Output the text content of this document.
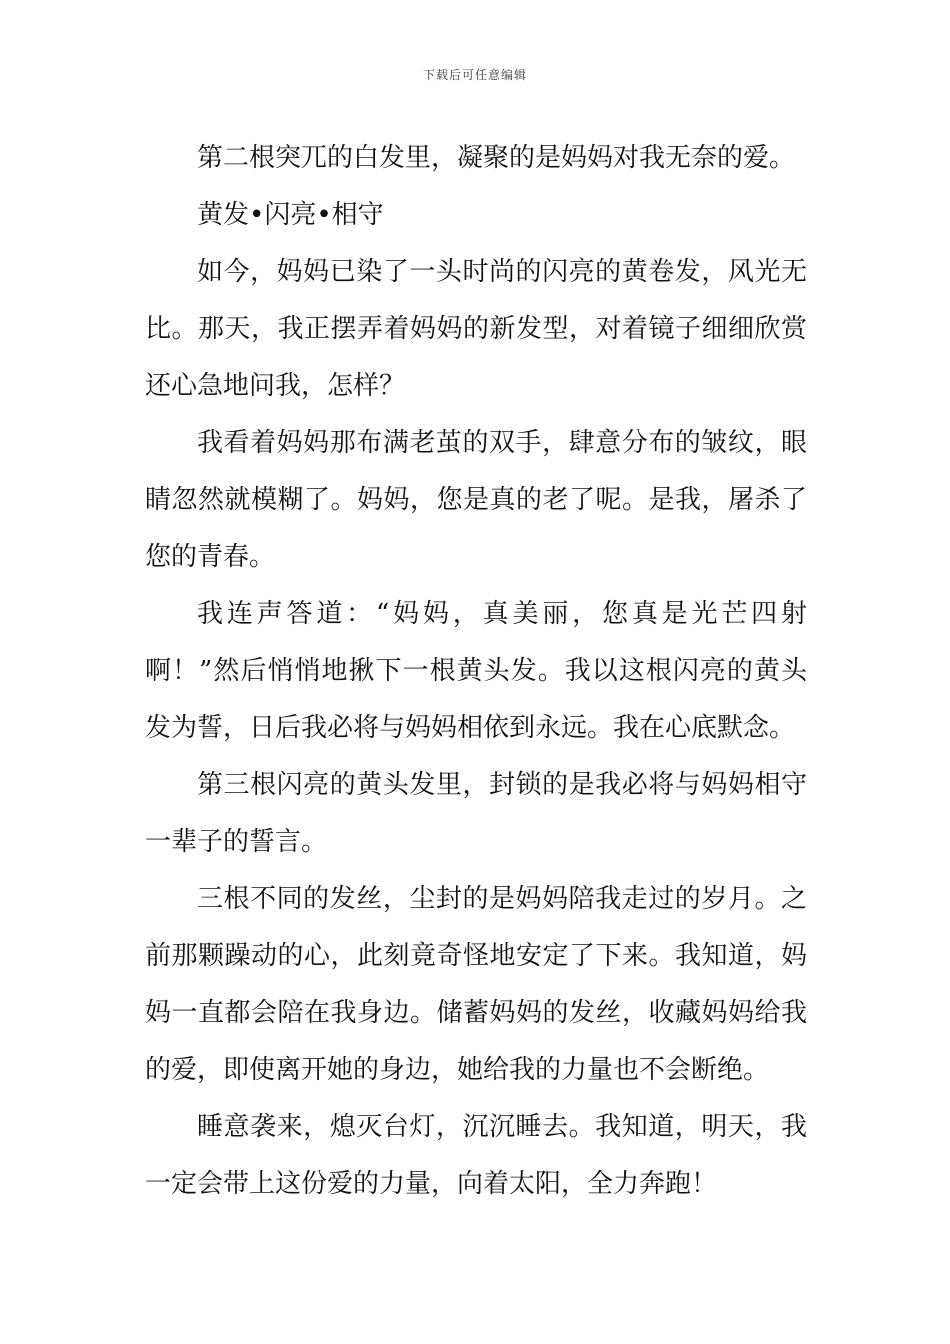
下载后可任意编辑

第二根突兀的白发里，凝聚的是妈妈对我无奈的爱。

黄发•闪亮•相守

如今，妈妈已染了一头时尚的闪亮的黄卷发，风光无比。那天，我正摆弄着妈妈的新发型，对着镜子细细欣赏还心急地问我，怎样？

我看着妈妈那布满老茧的双手，肆意分布的皱纹，眼睛忽然就模糊了。妈妈，您是真的老了呢。是我，屠杀了您的青春。

我连声答道：“妈妈，真美丽，您真是光芒四射啊！”然后悄悄地揪下一根黄头发。我以这根闪亮的黄头发为誓，日后我必将与妈妈相依到永远。我在心底默念。

第三根闪亮的黄头发里，封锁的是我必将与妈妈相守一辈子的誓言。

三根不同的发丝，尘封的是妈妈陪我走过的岁月。之前那颗躁动的心，此刻竟奇怪地安定了下来。我知道，妈妈一直都会陪在我身边。储蓄妈妈的发丝，收藏妈妈给我的爱，即使离开她的身边，她给我的力量也不会断绝。

睡意袭来，熄灭台灯，沉沉睡去。我知道，明天，我一定会带上这份爱的力量，向着太阳，全力奔跑！
